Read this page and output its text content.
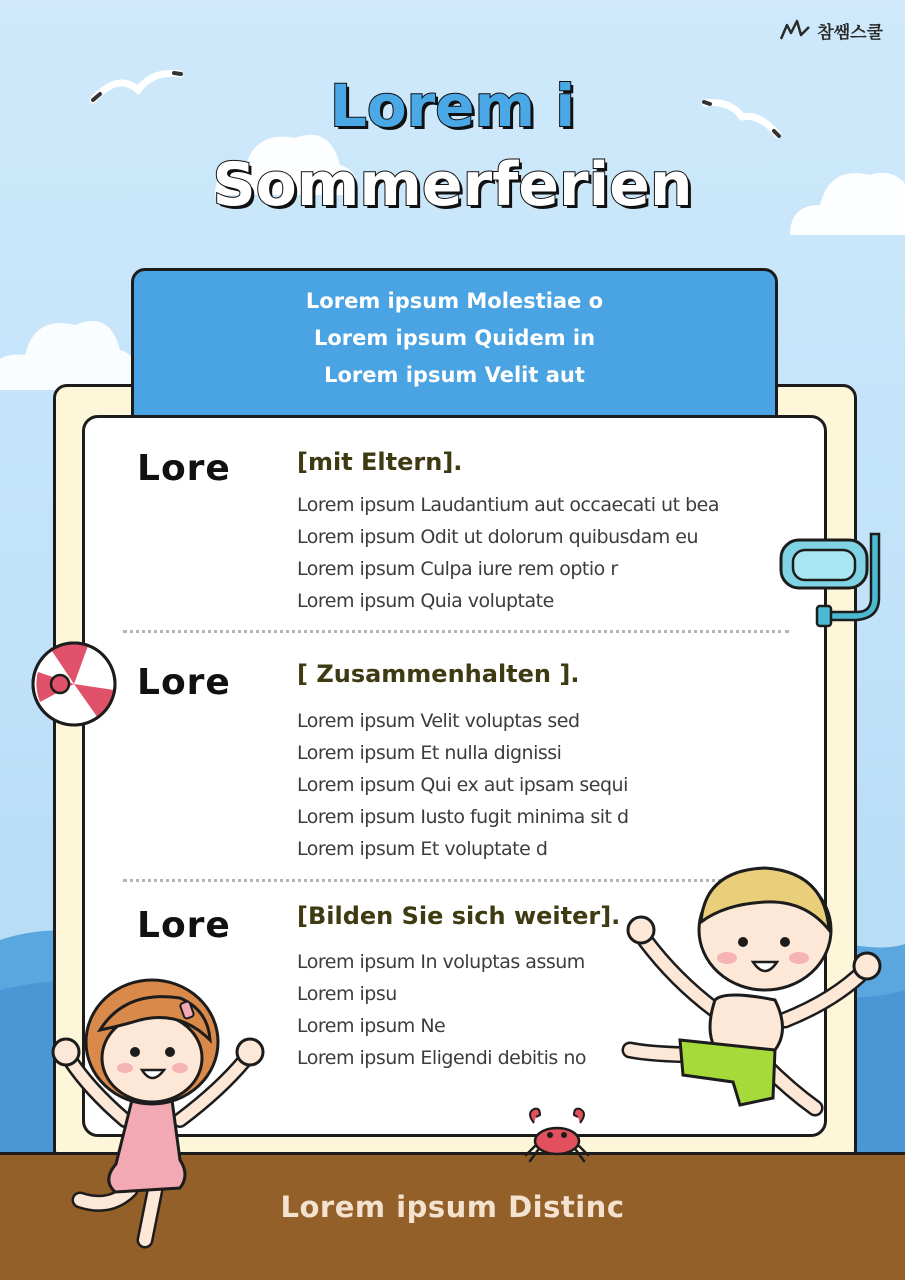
참쌤스쿨
Lorem i
Sommerferien
Lorem ipsum Molestiae o
Lorem ipsum Quidem in
Lorem ipsum Velit aut
Lore	[mit Eltern].
Lorem ipsum Laudantium aut occaecati ut bea
Lorem ipsum Odit ut dolorum quibusdam eu
Lorem ipsum Culpa iure rem optio r
Lorem ipsum Quia voluptate
Lore	[ Zusammenhalten ].
Lorem ipsum Velit voluptas sed
Lorem ipsum Et nulla dignissi
Lorem ipsum Qui ex aut ipsam sequi
Lorem ipsum Iusto fugit minima sit d
Lorem ipsum Et voluptate d
Lore	[Bilden Sie sich weiter].
Lorem ipsum In voluptas assum
Lorem ipsu
Lorem ipsum Ne
Lorem ipsum Eligendi debitis no
Lorem ipsum Distinc
